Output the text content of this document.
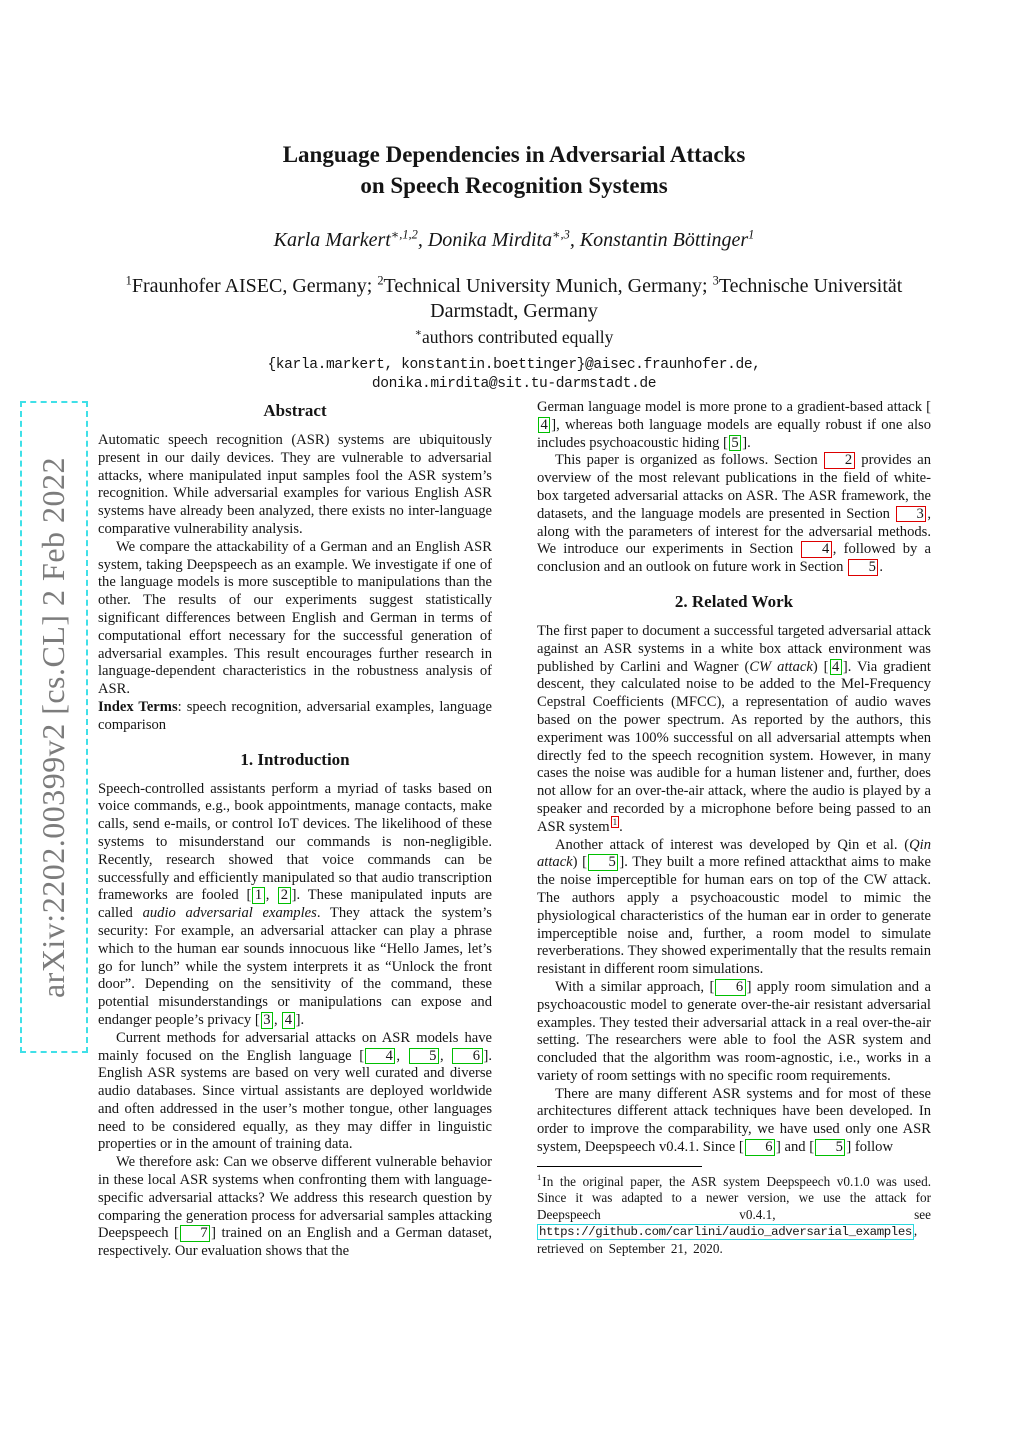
arXiv:2202.00399v2 [cs.CL] 2 Feb 2022
Language Dependencies in Adversarial Attacks
on Speech Recognition Systems
Karla Markert$^{∗,1,2}$, Donika Mirdita$^{∗,3}$, Konstantin Böttinger$^1$
$^1$Fraunhofer AISEC, Germany; $^2$Technical University Munich, Germany; $^3$Technische Universität Darmstadt, Germany
∗authors contributed equally
{karla.markert, konstantin.boettinger}@aisec.fraunhofer.de,
donika.mirdita@sit.tu-darmstadt.de
Abstract

Automatic speech recognition (ASR) systems are ubiquitously present in our daily devices. They are vulnerable to adversarial attacks, where manipulated input samples fool the ASR system’s recognition. While adversarial examples for various English ASR systems have already been analyzed, there exists no inter-language comparative vulnerability analysis.

We compare the attackability of a German and an English ASR system, taking Deepspeech as an example. We investigate if one of the language models is more susceptible to manipulations than the other. The results of our experiments suggest statistically significant differences between English and German in terms of computational effort necessary for the successful generation of adversarial examples. This result encourages further research in language-dependent characteristics in the robustness analysis of ASR.

Index Terms: speech recognition, adversarial examples, language comparison

1. Introduction

Speech-controlled assistants perform a myriad of tasks based on voice commands, e.g., book appointments, manage contacts, make calls, send e-mails, or control IoT devices. The likelihood of these systems to misunderstand our commands is non-negligible. Recently, research showed that voice commands can be successfully and efficiently manipulated so that audio transcription frameworks are fooled [ 1 , 2 ]. These manipulated inputs are called audio adversarial examples. They attack the system’s security: For example, an adversarial attacker can play a phrase which to the human ear sounds innocuous like “Hello James, let’s go for lunch” while the system interprets it as “Unlock the front door”. Depending on the sensitivity of the command, these potential misunderstandings or manipulations can expose and endanger people’s privacy [ 3 , 4 ].

Current methods for adversarial attacks on ASR models have mainly focused on the English language [ 4 , 5 , 6 ]. English ASR systems are based on very well curated and diverse audio databases. Since virtual assistants are deployed worldwide and often addressed in the user’s mother tongue, other languages need to be considered equally, as they may differ in linguistic properties or in the amount of training data.

We therefore ask: Can we observe different vulnerable behavior in these local ASR systems when confronting them with language-specific adversarial attacks? We address this research question by comparing the generation process for adversarial samples attacking Deepspeech [ 7 ] trained on an English and a German dataset, respectively. Our evaluation shows that the

German language model is more prone to a gradient-based attack [4 ], whereas both language models are equally robust if one also includes psychoacoustic hiding [ 5 ].

This paper is organized as follows. Section 2 provides an overview of the most relevant publications in the field of white-box targeted adversarial attacks on ASR. The ASR framework, the datasets, and the language models are presented in Section 3 , along with the parameters of interest for the adversarial methods. We introduce our experiments in Section 4 , followed by a conclusion and an outlook on future work in Section 5 .

2. Related Work

The first paper to document a successful targeted adversarial attack against an ASR systems in a white box attack environment was published by Carlini and Wagner (CW attack) [ 4 ]. Via gradient descent, they calculated noise to be added to the Mel-Frequency Cepstral Coefficients (MFCC), a representation of audio waves based on the power spectrum. As reported by the authors, this experiment was 100% successful on all adversarial attempts when directly fed to the speech recognition system. However, in many cases the noise was audible for a human listener and, further, does not allow for an over-the-air attack, where the audio is played by a speaker and recorded by a microphone before being passed to an ASR system $^1$ .

Another attack of interest was developed by Qin et al. (Qin attack) [ 5 ]. They built a more refined attackthat aims to make the noise imperceptible for human ears on top of the CW attack. The authors apply a psychoacoustic model to mimic the physiological characteristics of the human ear in order to generate imperceptible noise and, further, a room model to simulate reverberations. They showed experimentally that the results remain resistant in different room simulations.

With a similar approach, [ 6 ] apply room simulation and a psychoacoustic model to generate over-the-air resistant adversarial examples. They tested their adversarial attack in a real over-the-air setting. The researchers were able to fool the ASR system and concluded that the algorithm was room-agnostic, i.e., works in a variety of room settings with no specific room requirements.

There are many different ASR systems and for most of these architectures different attack techniques have been developed. In order to improve the comparability, we have used only one ASR system, Deepspeech v0.4.1. Since [ 6 ] and [ 5 ] follow

$^1$In the original paper, the ASR system Deepspeech v0.1.0 was used. Since it was adapted to a newer version, we use the attack for Deepspeech v0.4.1, see https://github.com/carlini/audio_adversarial_examples , retrieved on September 21, 2020.
